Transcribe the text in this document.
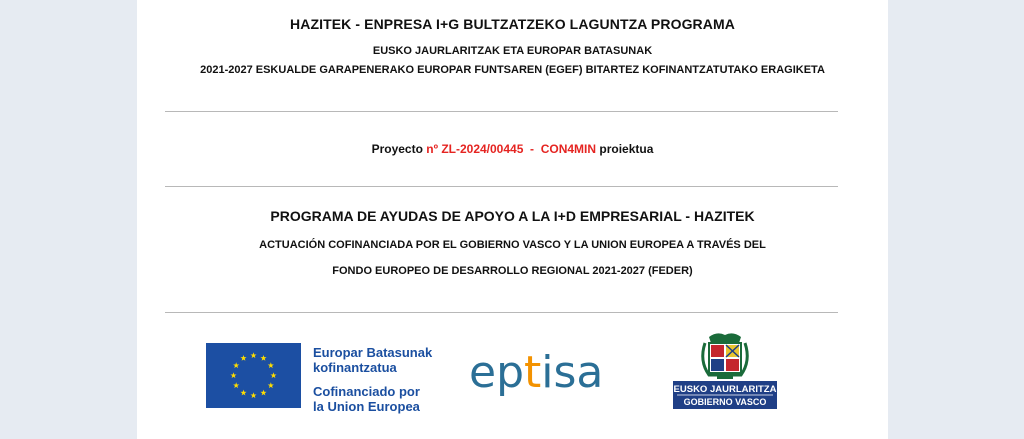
HAZITEK - ENPRESA I+G BULTZATZEKO LAGUNTZA PROGRAMA
EUSKO JAURLARITZAK ETA EUROPAR BATASUNAK
2021-2027 ESKUALDE GARAPENERAKO EUROPAR FUNTSAREN (EGEF) BITARTEZ KOFINANTZATUTAKO ERAGIKETA
Proyecto nº ZL-2024/00445  -  CON4MIN proiektua
PROGRAMA DE AYUDAS DE APOYO A LA I+D EMPRESARIAL - HAZITEK
ACTUACIÓN COFINANCIADA POR EL GOBIERNO VASCO Y LA UNION EUROPEA A TRAVÉS DEL
FONDO EUROPEO DE DESARROLLO REGIONAL 2021-2027 (FEDER)
Europar Batasunak
kofinantzatua
Cofinanciado por
la Union Europea
eptisa	EUSKO JAURLARITZA
GOBIERNO VASCO
